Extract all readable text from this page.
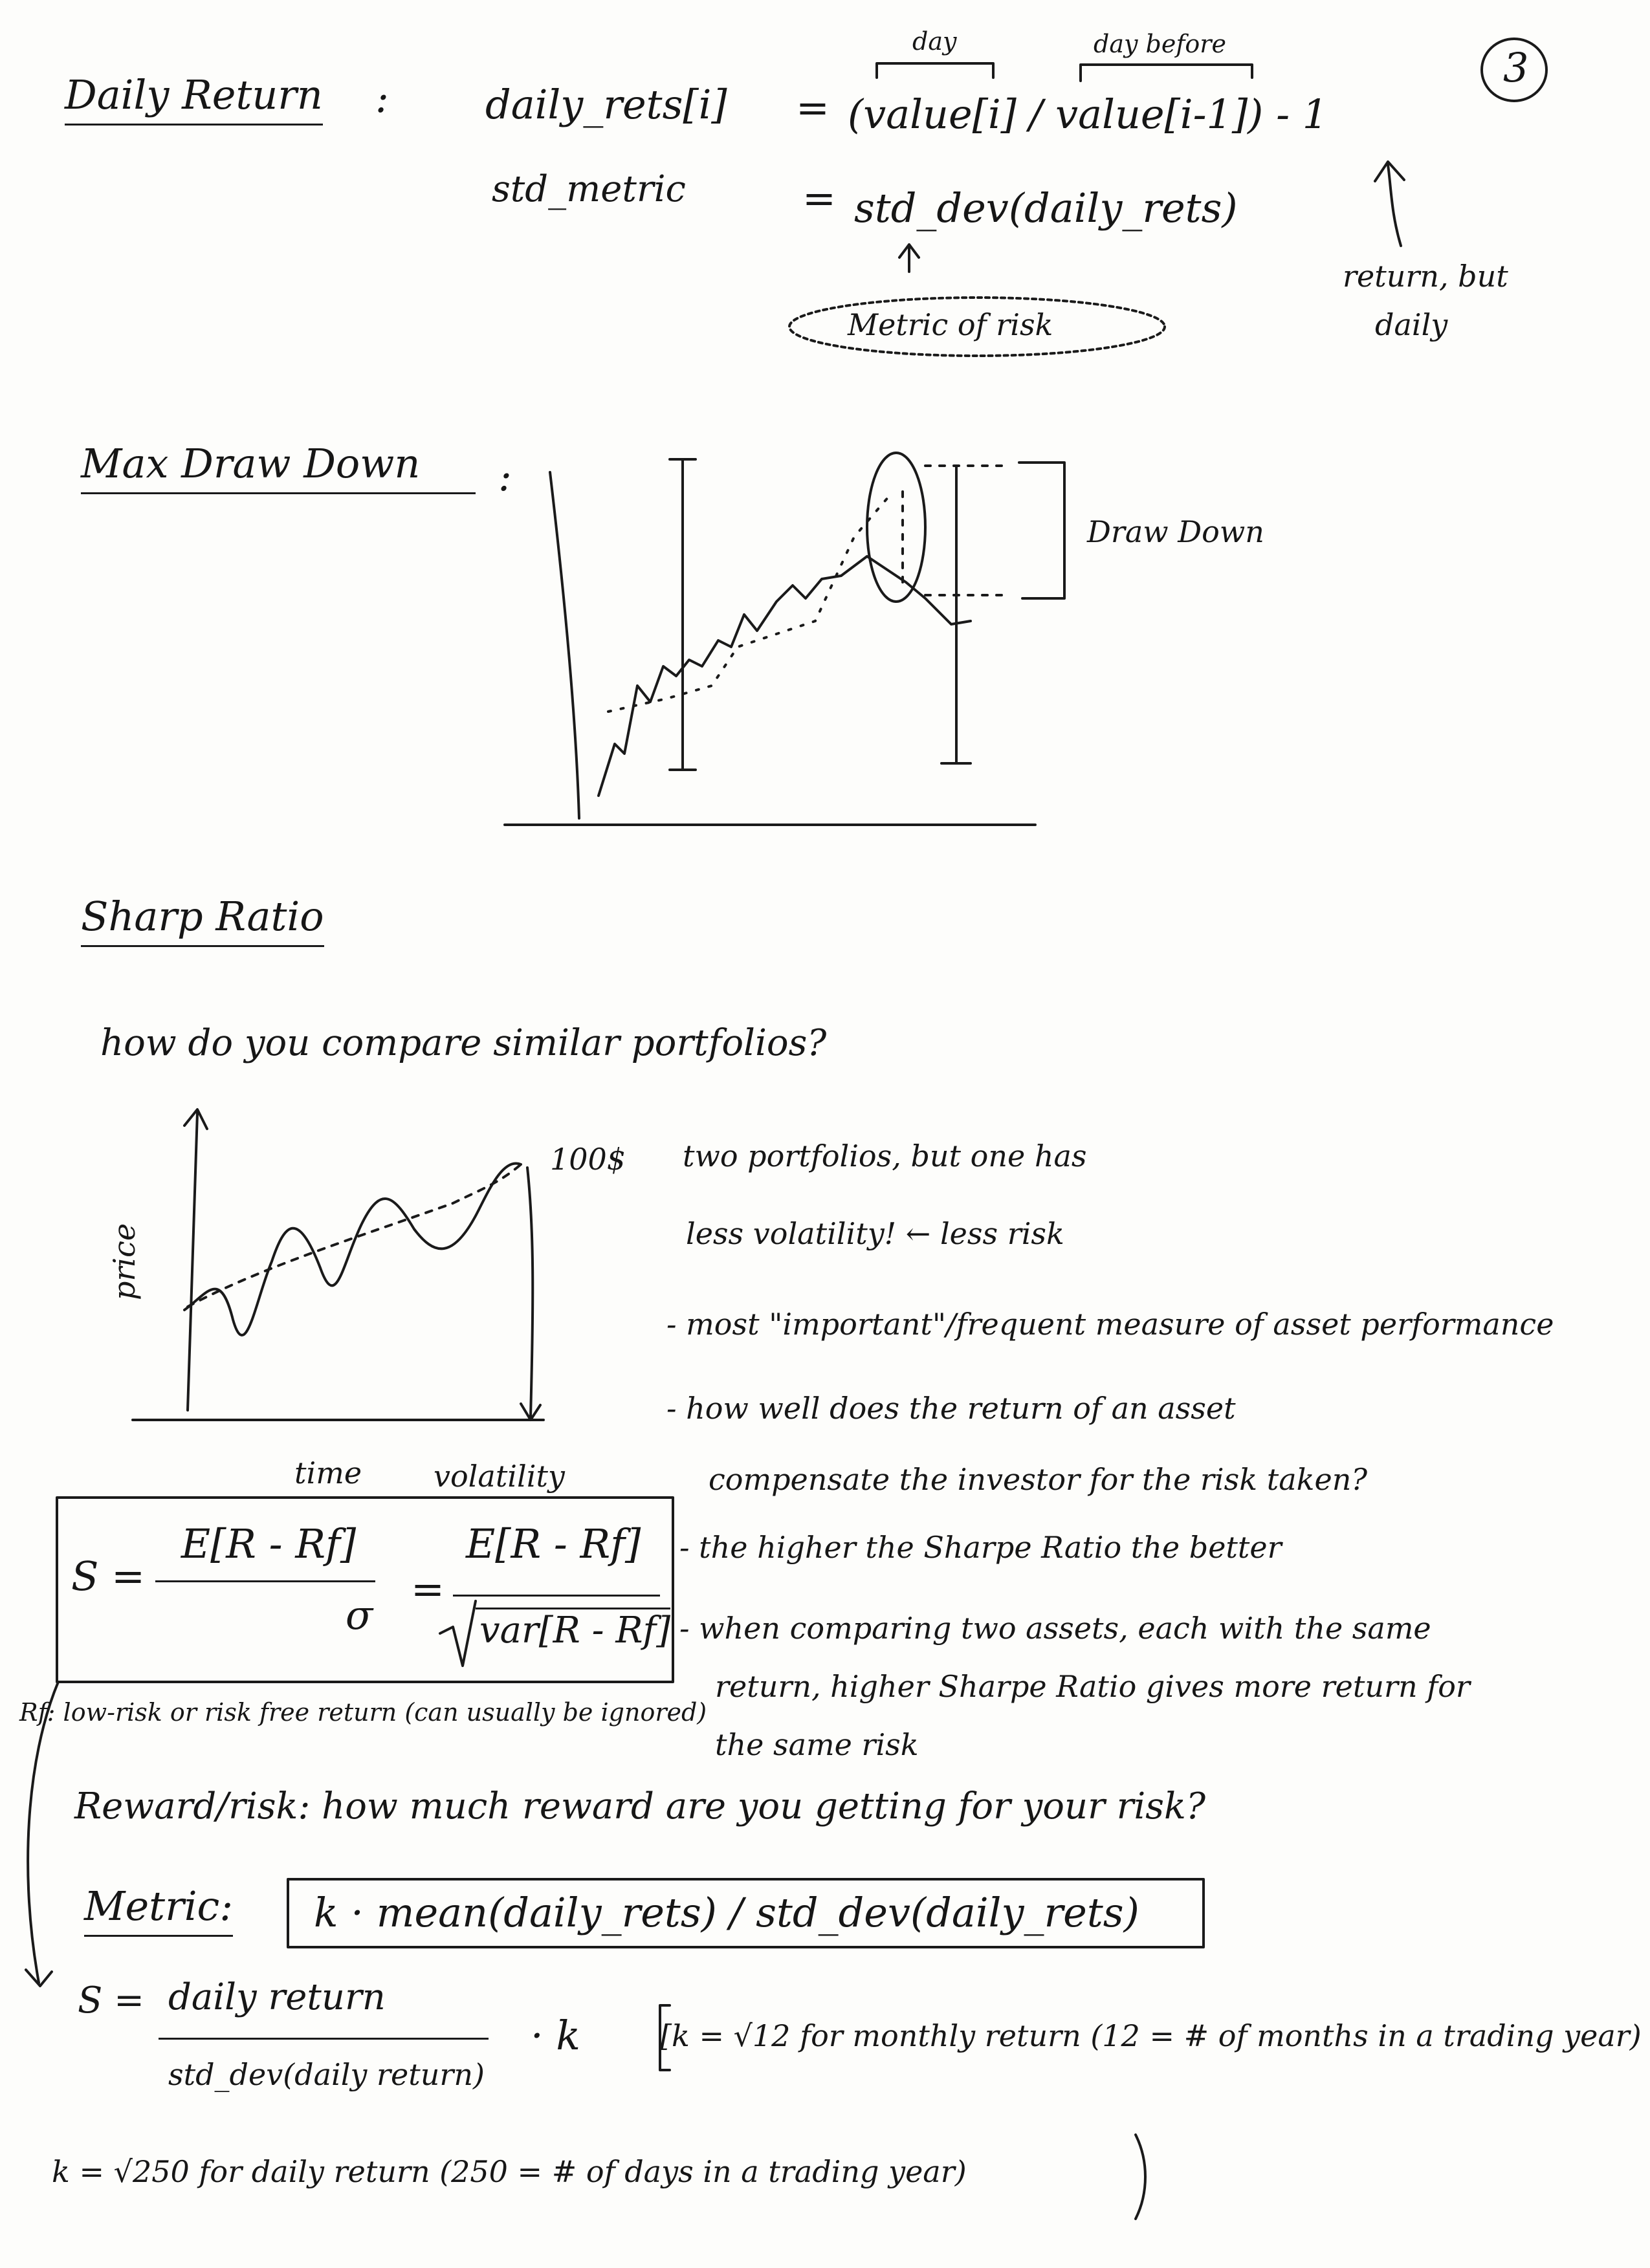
3
Daily Return :
day	day before
daily_rets[i] = (value[i] / value[i-1]) - 1
std_metric	= std_dev(daily_rets)
Metric of risk
return, but
daily
Max Draw Down	:
Draw Down
Sharp Ratio
how do you compare similar portfolios?
price
time
100$
volatility
two portfolios, but one has
less volatility! ← less risk
- most "important"/frequent measure of asset performance
- how well does the return of an asset
compensate the investor for the risk taken?
- the higher the Sharpe Ratio the better
- when comparing two assets, each with the same
return, higher Sharpe Ratio gives more return for
the same risk
S =
E[R - Rf]
σ
=
E[R - Rf]
var[R - Rf]
Rf: low-risk or risk free return (can usually be ignored)
Reward/risk: how much reward are you getting for your risk?
Metric: k · mean(daily_rets) / std_dev(daily_rets)
S = daily return
std_dev(daily return)
· k	[k = √12 for monthly return (12 = # of months in a trading year)
k = √250 for daily return (250 = # of days in a trading year)
